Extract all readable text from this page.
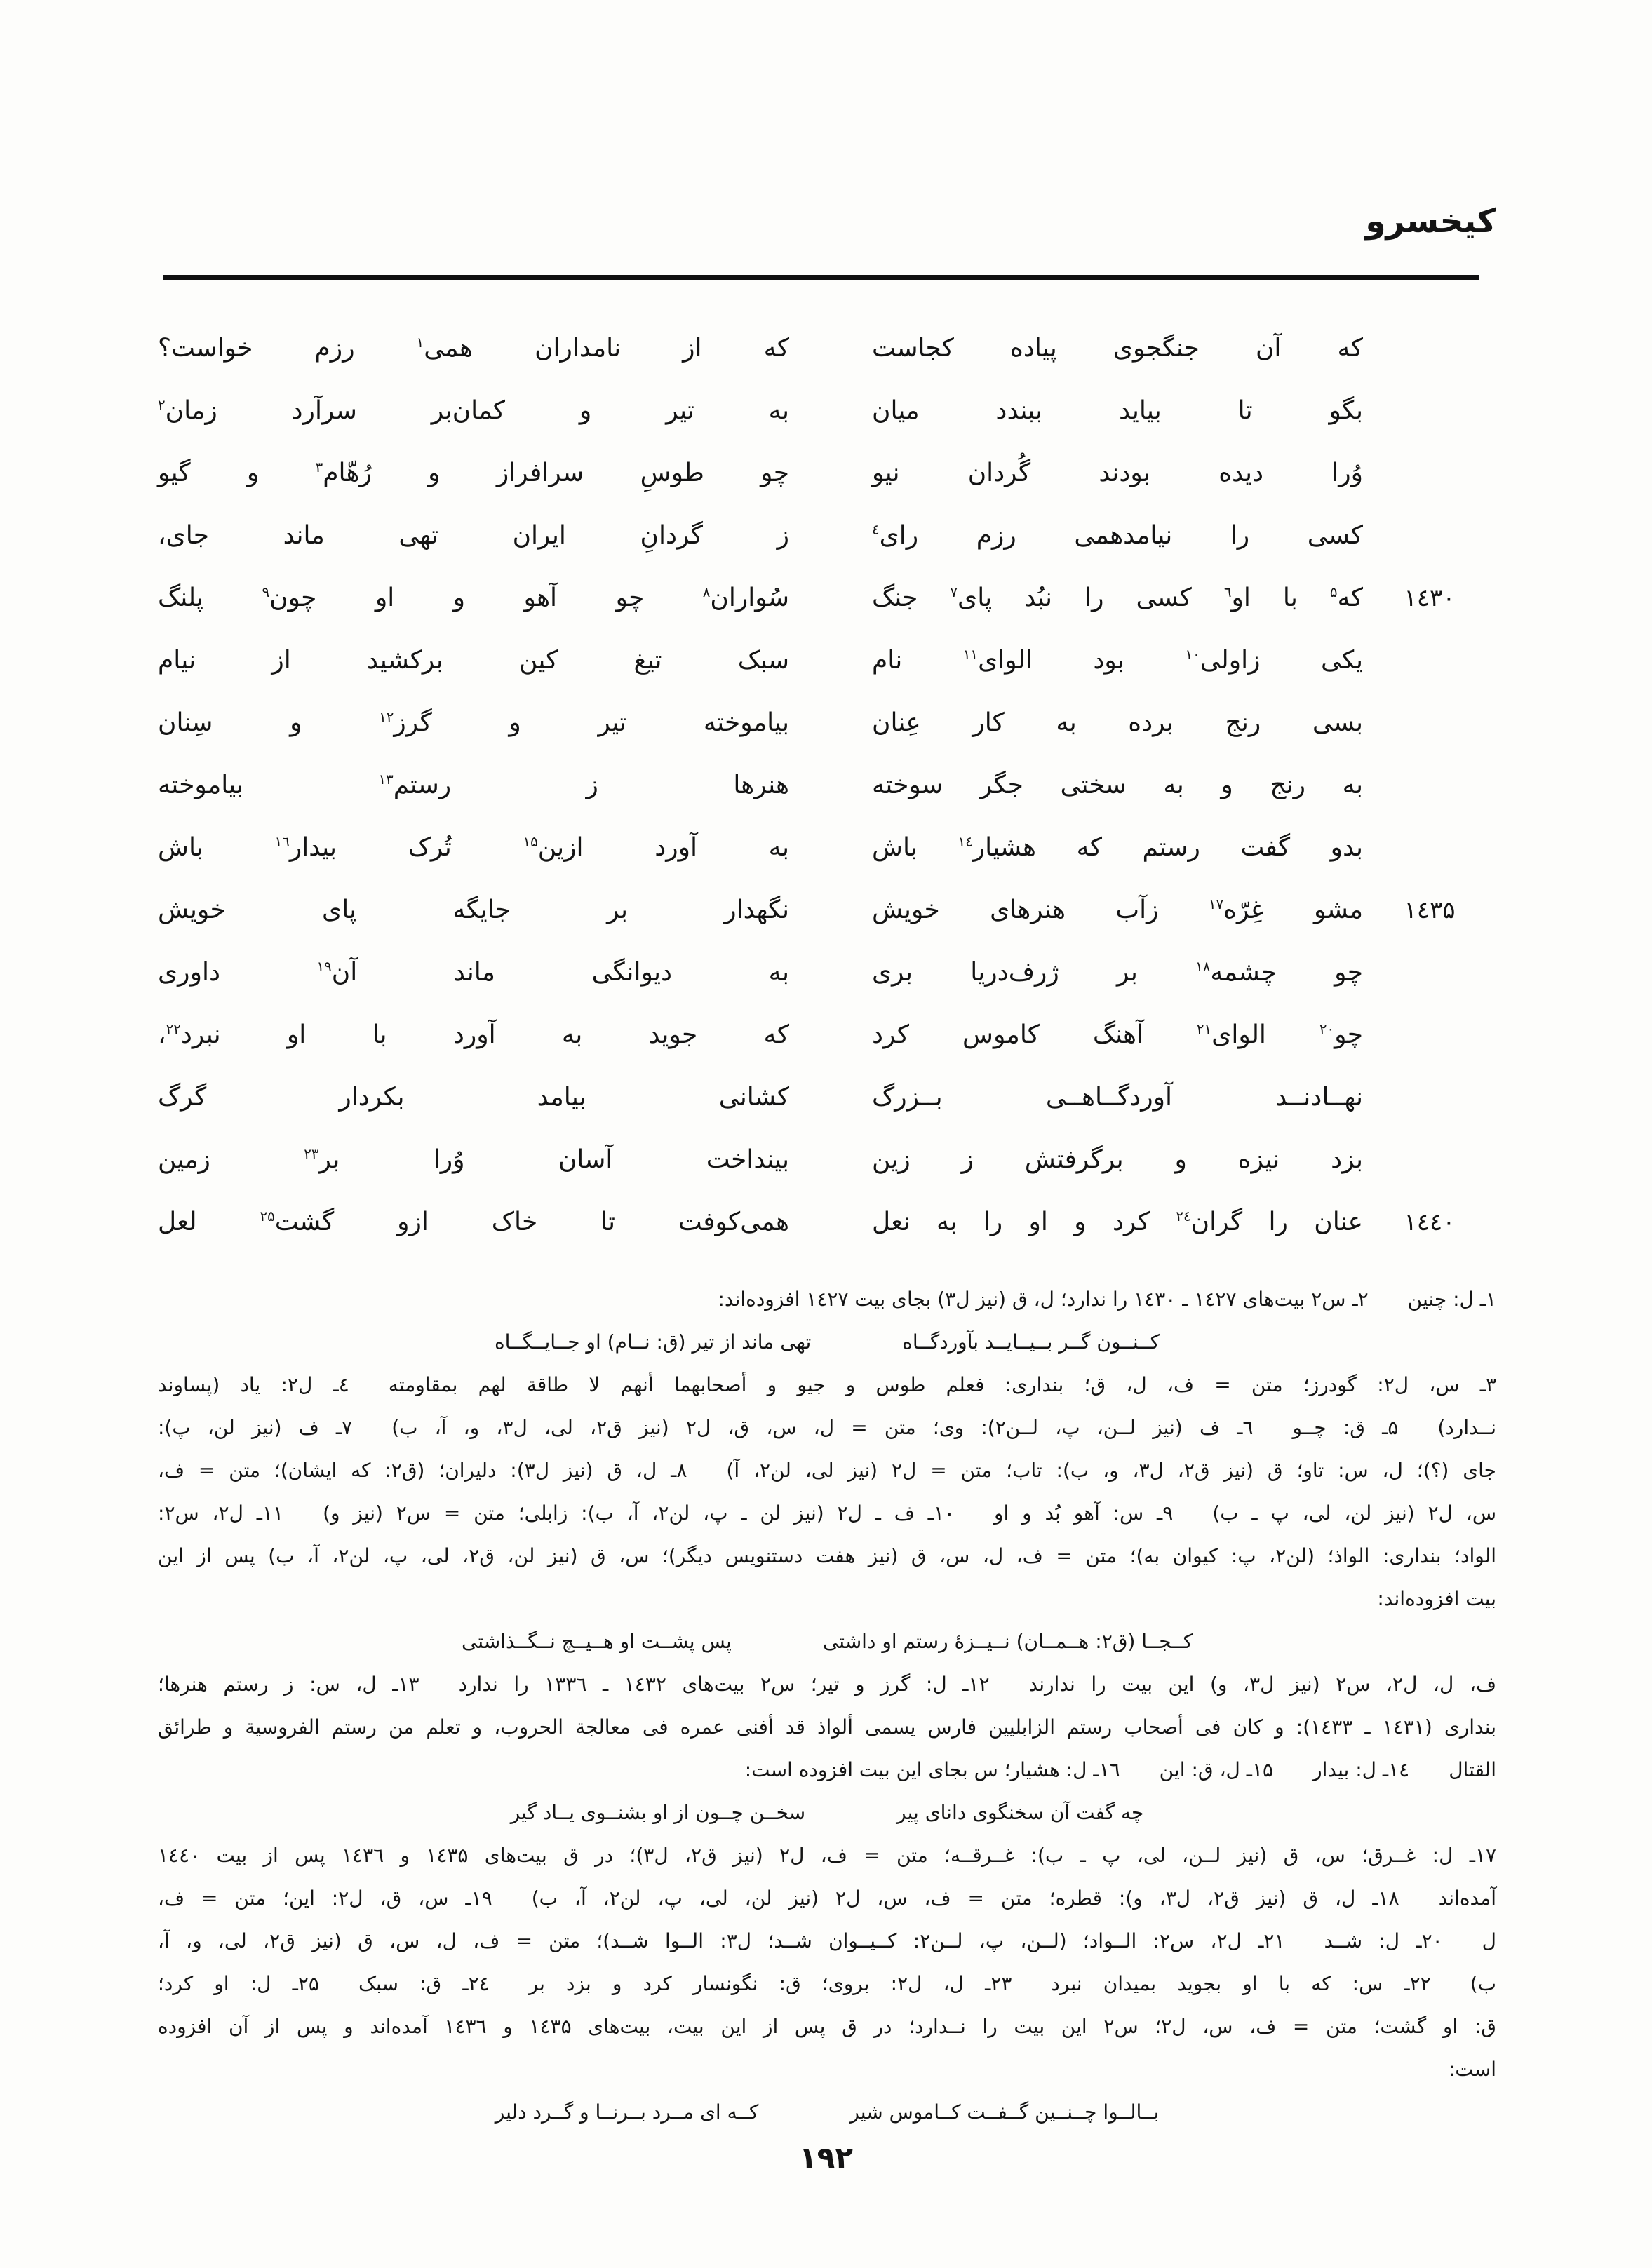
کیخسرو
که آن جنگجوی پیاده کجاست
که از نامداران همی$^١$ رزم خواست؟
بگو تا بیاید ببندد میان
به تیر و کمان‌بر سرآرد زمان$^٢$
وُرا دیده بودند گُردان نیو
چو طوسِ سرافراز و رُهّام$^٣$ و گیو
کسی را نیامدهمی رزم رای$^٤$
ز گردانِ ایران تهی ماند جای،
١٤٣٠
که$^۵$ با او$^٦$ کسی را نبُد پای$^٧$ جنگ
سُواران$^٨$ چو آهو و او چون$^٩$ پلنگ
یکی زاولی$^{١٠}$ بود الوای$^{١١}$ نام
سبک تیغ کین برکشید از نیام
بسی رنج برده به کار عِنان
بیاموخته تیر و گرز$^{١٢}$ و سِنان
به رنج و به سختی جگر سوخته
هنرها ز رستم$^{١٣}$ بیاموخته
بدو گفت رستم که هشیار$^{١٤}$ باش
به آورد ازین$^{١۵}$ تُرک بیدار$^{١٦}$ باش
١٤٣۵
مشو غِرّه$^{١٧}$ زآب هنرهای خویش
نگهدار بر جایگه پای خویش
چو چشمه$^{١٨}$ بر ژرف‌دریا بری
به دیوانگی ماند آن$^{١٩}$ داوری
چو$^{٢٠}$ الوای$^{٢١}$ آهنگ کاموس کرد
که جوید به آورد با او نبرد$^{٢٢}$،
نهــادنــد آوردگــاهــی بــزرگ
کشانی بیامد بکردار گرگ
بزد نیزه و برگرفتش ز زین
بینداخت آسان وُرا بر$^{٢٣}$ زمین
١٤٤٠
عنان را گران$^{٢٤}$ کرد و او را به نعل
همی‌کوفت تا خاک ازو گشت$^{٢۵}$ لعل
١ـ ل: چنین  ٢ـ س٢ بیت‌های ١٤٢٧ ـ ١٤٣٠ را ندارد؛ ل، ق (نیز ل٣) بجای بیت ١٤٢٧ افزوده‌اند:
کــنــون گــر بــیــایــد بآوردگــاه
تهی ماند از تیر (ق: نــام) او جــایــگــاه
٣ـ س، ل٢: گودرز؛ متن = ف، ل، ق؛ بنداری: فعلم طوس و جیو و أصحابهما أنهم لا طاقة لهم بمقاومته  ٤ـ ل٢: یاد (پساوند
نــدارد)  ۵ـ ق: چــو  ٦ـ ف (نیز لــن، پ، لــن٢): وی؛ متن = ل، س، ق، ل٢ (نیز ق٢، لی، ل٣، و، آ، ب)  ٧ـ ف (نیز لن، پ):
جای (؟)؛ ل، س: تاو؛ ق (نیز ق٢، ل٣، و، ب): تاب؛ متن = ل٢ (نیز لی، لن٢، آ)  ٨ـ ل، ق (نیز ل٣): دلیران؛ (ق٢: که ایشان)؛ متن = ف،
س، ل٢ (نیز لن، لی، پ ـ ب)  ٩ـ س: آهو بُد و او  ١٠ـ ف ـ ل٢ (نیز لن ـ پ، لن٢، آ، ب): زابلی؛ متن = س٢ (نیز و)  ١١ـ ل٢، س٢:
الواد؛ بنداری: الواذ؛ (لن٢، پ: کیوان به)؛ متن = ف، ل، س، ق (نیز هفت دستنویس دیگر)؛ س، ق (نیز لن، ق٢، لی، پ، لن٢، آ، ب) پس از این
بیت افزوده‌اند:
کــجــا (ق٢: هــمــان) نــیــزۀ رستم او داشتی
پس پشــت او هــیــچ نــگــذاشتی
ف، ل، ل٢، س٢ (نیز ل٣، و) این بیت را ندارند  ١٢ـ ل: گرز و تیر؛ س٢ بیت‌های ١٤٣٢ ـ ١٣٣٦ را ندارد  ١٣ـ ل، س: ز رستم هنرها؛
بنداری (١٤٣١ ـ ١٤٣٣): و کان فی أصحاب رستم الزابلیین فارس یسمی ألواذ قد أفنی عمره فی معالجة الحروب، و تعلم من رستم الفروسیة و طرائق
القتال  ١٤ـ ل: بیدار  ١۵ـ ل، ق: این  ١٦ـ ل: هشیار؛ س بجای این بیت افزوده است:
چه گفت آن سخنگوی دانای پیر
سخــن چــون از او بشنــوی یــاد گیر
١٧ـ ل: غــرق؛ س، ق (نیز لــن، لی، پ ـ ب): غــرقــه؛ متن = ف، ل٢ (نیز ق٢، ل٣)؛ در ق بیت‌های ١٤٣۵ و ١٤٣٦ پس از بیت ١٤٤٠
آمده‌اند  ١٨ـ ل، ق (نیز ق٢، ل٣، و): قطره؛ متن = ف، س، ل٢ (نیز لن، لی، پ، لن٢، آ، ب)  ١٩ـ س، ق، ل٢: این؛ متن = ف،
ل  ٢٠ـ ل: شــد  ٢١ـ ل٢، س٢: الــواد؛ (لــن، پ، لــن٢: کــیــوان شــد؛ ل٣: الــوا شــد)؛ متن = ف، ل، س، ق (نیز ق٢، لی، و، آ،
ب)  ٢٢ـ س: که با او بجوید بمیدان نبرد  ٢٣ـ ل، ل٢: بروی؛ ق: نگونسار کرد و بزد بر  ٢٤ـ ق: سبک  ٢۵ـ ل: او کرد؛
ق: او گشت؛ متن = ف، س، ل٢؛ س٢ این بیت را نــدارد؛ در ق پس از این بیت، بیت‌های ١٤٣۵ و ١٤٣٦ آمده‌اند و پس از آن افزوده
است:
بــالــوا چــنــین گــفــت کــاموس شیر
کــه ای مــرد بــرنــا و گــرد دلیر
١٩٢
